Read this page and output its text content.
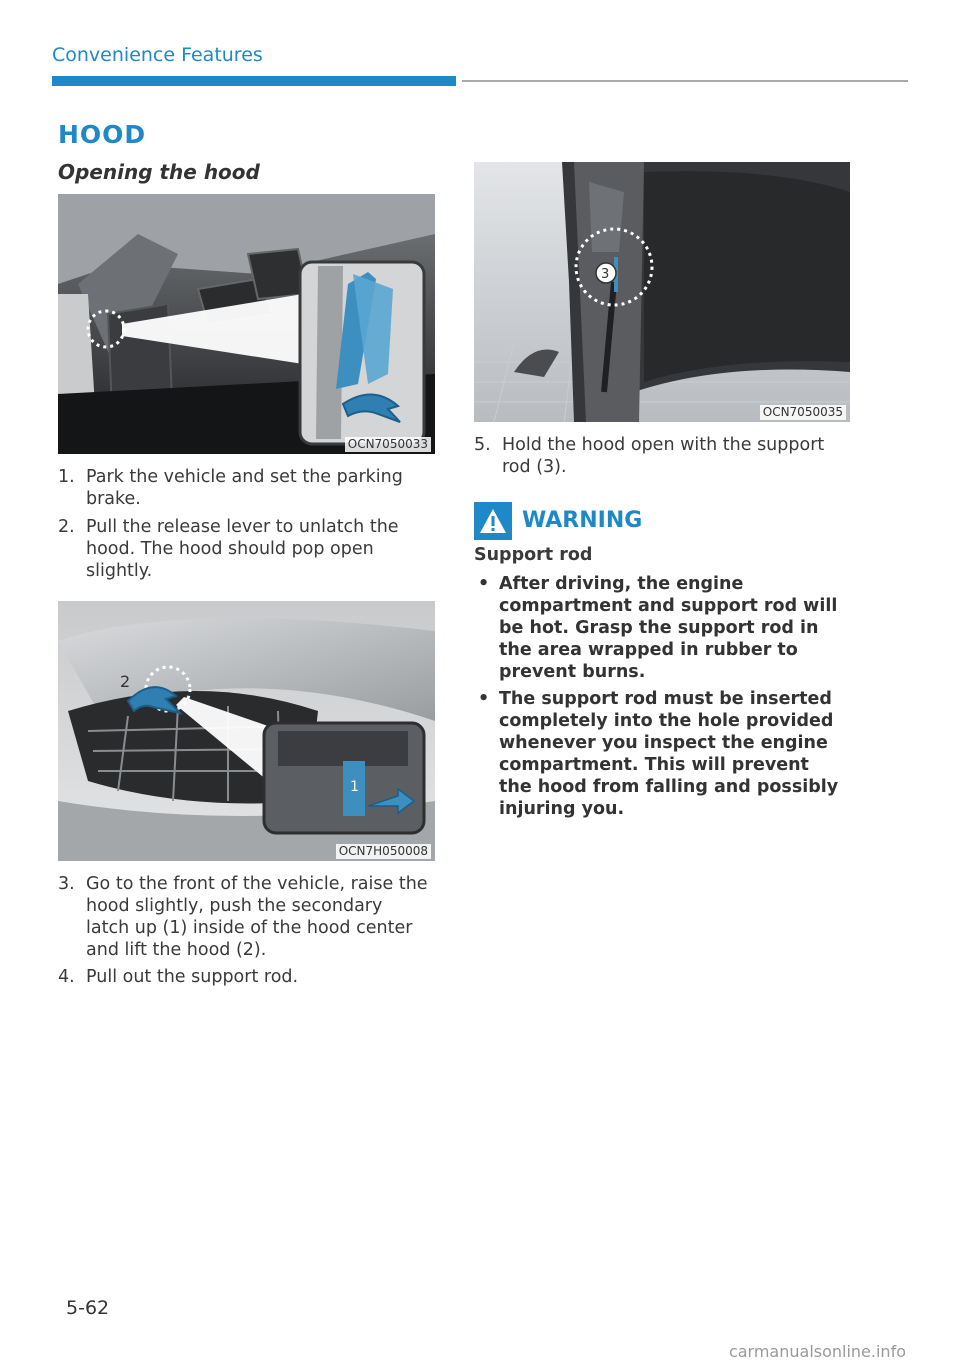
Convenience Features
HOOD
Opening the hood
OCN7050033
1. Park the vehicle and set the parking brake.
2. Pull the release lever to unlatch the hood. The hood should pop open slightly.
2
1
OCN7H050008
3. Go to the front of the vehicle, raise the hood slightly, push the secondary latch up (1) inside of the hood center and lift the hood (2).
4. Pull out the support rod.
3
OCN7050035
5. Hold the hood open with the support rod (3).
WARNING
Support rod
• After driving, the engine compartment and support rod will be hot. Grasp the support rod in the area wrapped in rubber to prevent burns.
• The support rod must be inserted completely into the hole provided whenever you inspect the engine compartment. This will prevent the hood from falling and possibly injuring you.
5-62
carmanualsonline.info
